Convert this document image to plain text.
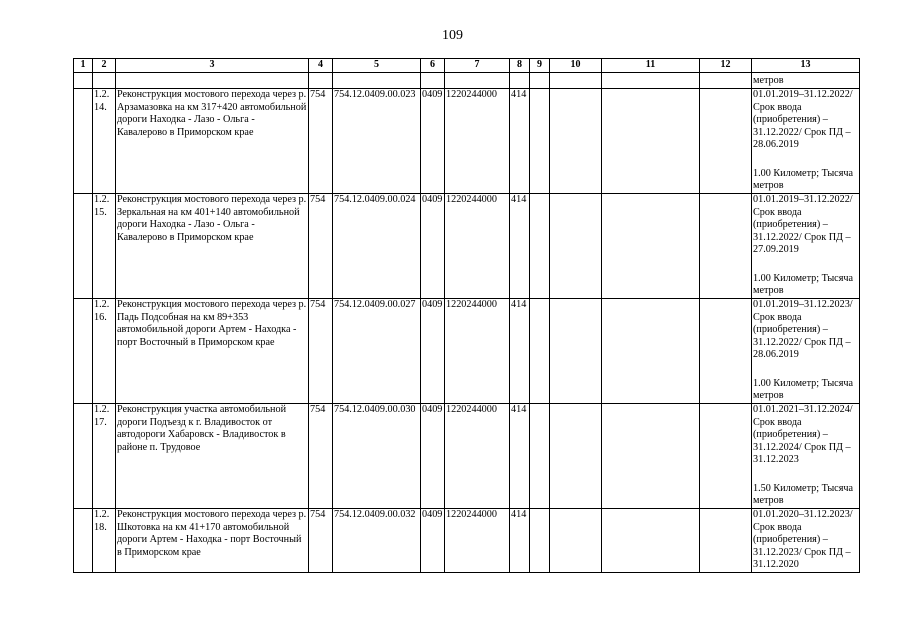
109
1	2	3	4	5	6	7	8	9	10	11	12	13
												метров
	1.2.14.	Реконструкция мостового перехода через р. Арзамазовка на км 317+420 автомобильной дороги Находка - Лазо - Ольга - Кавалерово в Приморском крае	754	754.12.0409.00.023	0409	1220244000	414					01.01.2019–31.12.2022/ Срок ввода (приобретения) – 31.12.2022/ Срок ПД – 28.06.2019
1.00 Километр; Тысяча метров

	1.2.15.	Реконструкция мостового перехода через р. Зеркальная на км 401+140 автомобильной дороги Находка - Лазо - Ольга - Кавалерово в Приморском крае	754	754.12.0409.00.024	0409	1220244000	414					01.01.2019–31.12.2022/ Срок ввода (приобретения) – 31.12.2022/ Срок ПД – 27.09.2019
1.00 Километр; Тысяча метров

	1.2.16.	Реконструкция мостового перехода через р. Падь Подсобная на км 89+353 автомобильной дороги Артем - Находка - порт Восточный в Приморском крае	754	754.12.0409.00.027	0409	1220244000	414					01.01.2019–31.12.2023/ Срок ввода (приобретения) – 31.12.2022/ Срок ПД – 28.06.2019
1.00 Километр; Тысяча метров

	1.2.17.	Реконструкция участка автомобильной дороги Подъезд к г. Владивосток от автодороги Хабаровск - Владивосток в районе п. Трудовое	754	754.12.0409.00.030	0409	1220244000	414					01.01.2021–31.12.2024/ Срок ввода (приобретения) – 31.12.2024/ Срок ПД – 31.12.2023
1.50 Километр; Тысяча метров

	1.2.18.	Реконструкция мостового перехода через р. Шкотовка на км 41+170 автомобильной дороги Артем - Находка - порт Восточный в Приморском крае	754	754.12.0409.00.032	0409	1220244000	414					01.01.2020–31.12.2023/ Срок ввода (приобретения) – 31.12.2023/ Срок ПД – 31.12.2020
